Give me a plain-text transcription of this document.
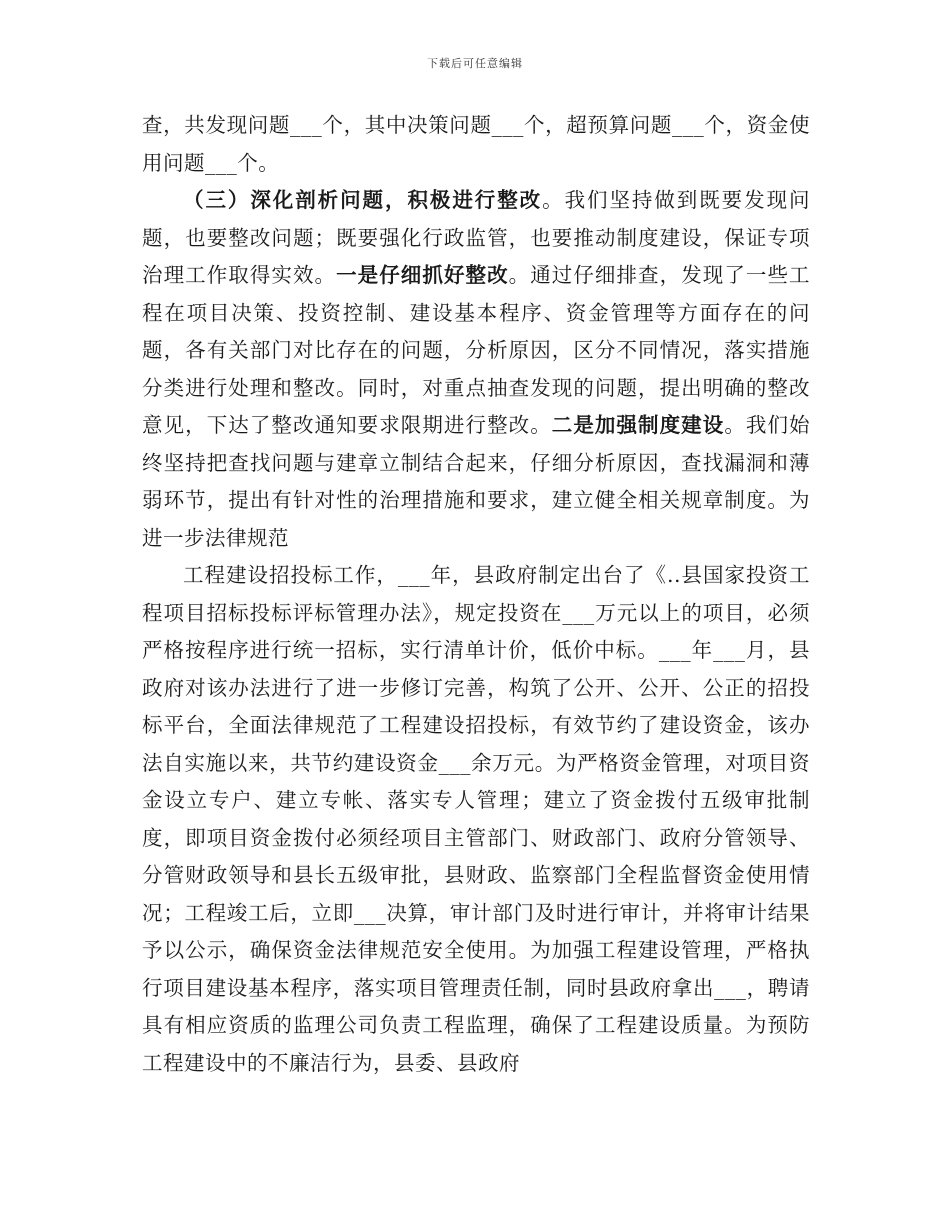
下载后可任意编辑

查，共发现问题___个，其中决策问题___个，超预算问题___个，资金使用问题___个。

（三）深化剖析问题，积极进行整改。我们坚持做到既要发现问题，也要整改问题；既要强化行政监管，也要推动制度建设，保证专项治理工作取得实效。一是仔细抓好整改。通过仔细排查，发现了一些工程在项目决策、投资控制、建设基本程序、资金管理等方面存在的问题，各有关部门对比存在的问题，分析原因，区分不同情况，落实措施分类进行处理和整改。同时，对重点抽查发现的问题，提出明确的整改意见，下达了整改通知要求限期进行整改。二是加强制度建设。我们始终坚持把查找问题与建章立制结合起来，仔细分析原因，查找漏洞和薄弱环节，提出有针对性的治理措施和要求，建立健全相关规章制度。为进一步法律规范

工程建设招投标工作，___年，县政府制定出台了《..县国家投资工程项目招标投标评标管理办法》，规定投资在___万元以上的项目，必须严格按程序进行统一招标，实行清单计价，低价中标。___年___月，县政府对该办法进行了进一步修订完善，构筑了公开、公开、公正的招投标平台，全面法律规范了工程建设招投标，有效节约了建设资金，该办法自实施以来，共节约建设资金___余万元。为严格资金管理，对项目资金设立专户、建立专帐、落实专人管理；建立了资金拨付五级审批制度，即项目资金拨付必须经项目主管部门、财政部门、政府分管领导、分管财政领导和县长五级审批，县财政、监察部门全程监督资金使用情况；工程竣工后，立即___决算，审计部门及时进行审计，并将审计结果予以公示，确保资金法律规范安全使用。为加强工程建设管理，严格执行项目建设基本程序，落实项目管理责任制，同时县政府拿出___，聘请具有相应资质的监理公司负责工程监理，确保了工程建设质量。为预防工程建设中的不廉洁行为，县委、县政府
